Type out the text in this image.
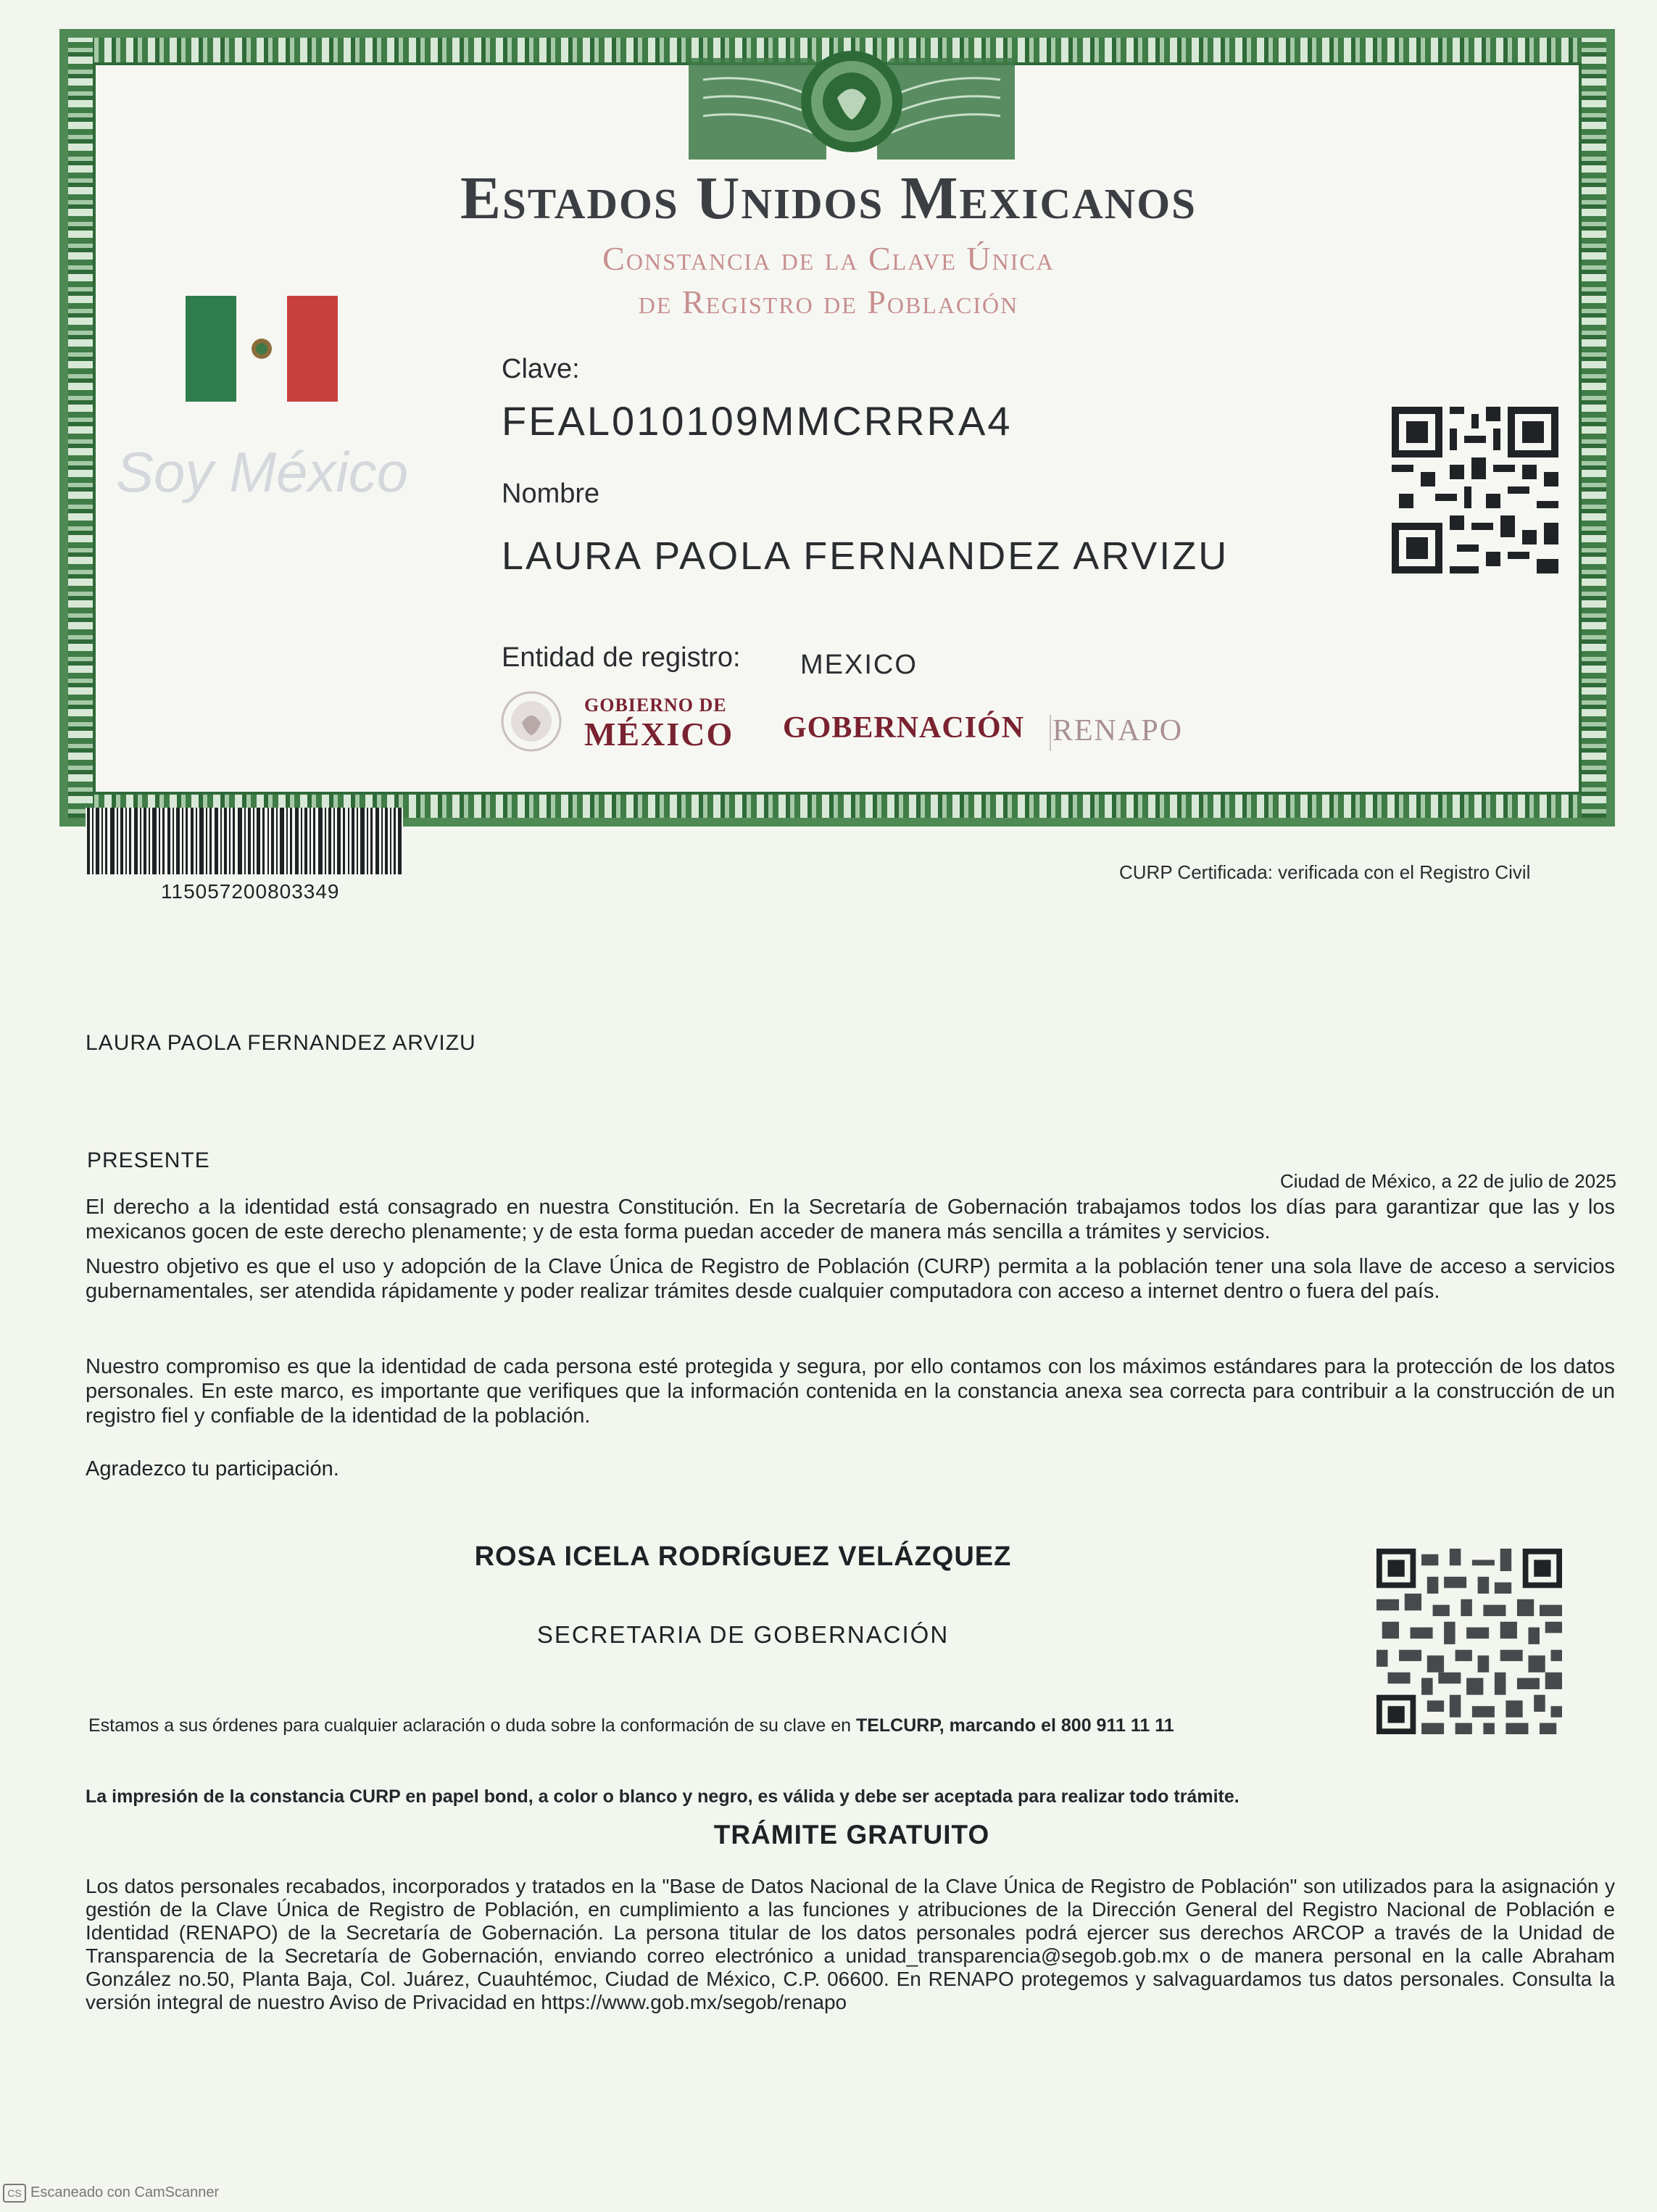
Estados Unidos Mexicanos
Constancia de la Clave Única
de Registro de Población
Soy México
Clave:
FEAL010109MMCRRRA4
Nombre
LAURA PAOLA FERNANDEZ ARVIZU
Entidad de registro: MEXICO
GOBIERNO DE
MÉXICO GOBERNACIÓN RENAPO
115057200803349
CURP Certificada: verificada con el Registro Civil
LAURA PAOLA FERNANDEZ ARVIZU
PRESENTE
Ciudad de México, a 22 de julio de 2025
El derecho a la identidad está consagrado en nuestra Constitución. En la Secretaría de Gobernación trabajamos todos los días para garantizar que las y los mexicanos gocen de este derecho plenamente; y de esta forma puedan acceder de manera más sencilla a trámites y servicios.
Nuestro objetivo es que el uso y adopción de la Clave Única de Registro de Población (CURP) permita a la población tener una sola llave de acceso a servicios gubernamentales, ser atendida rápidamente y poder realizar trámites desde cualquier computadora con acceso a internet dentro o fuera del país.
Nuestro compromiso es que la identidad de cada persona esté protegida y segura, por ello contamos con los máximos estándares para la protección de los datos personales. En este marco, es importante que verifiques que la información contenida en la constancia anexa sea correcta para contribuir a la construcción de un registro fiel y confiable de la identidad de la población.
Agradezco tu participación.
ROSA ICELA RODRÍGUEZ VELÁZQUEZ
SECRETARIA DE GOBERNACIÓN
Estamos a sus órdenes para cualquier aclaración o duda sobre la conformación de su clave en TELCURP, marcando el 800 911 11 11
La impresión de la constancia CURP en papel bond, a color o blanco y negro, es válida y debe ser aceptada para realizar todo trámite.
TRÁMITE GRATUITO
Los datos personales recabados, incorporados y tratados en la "Base de Datos Nacional de la Clave Única de Registro de Población" son utilizados para la asignación y gestión de la Clave Única de Registro de Población, en cumplimiento a las funciones y atribuciones de la Dirección General del Registro Nacional de Población e Identidad (RENAPO) de la Secretaría de Gobernación. La persona titular de los datos personales podrá ejercer sus derechos ARCOP a través de la Unidad de Transparencia de la Secretaría de Gobernación, enviando correo electrónico a unidad_transparencia@segob.gob.mx o de manera personal en la calle Abraham González no.50, Planta Baja, Col. Juárez, Cuauhtémoc, Ciudad de México, C.P. 06600. En RENAPO protegemos y salvaguardamos tus datos personales. Consulta la versión integral de nuestro Aviso de Privacidad en https://www.gob.mx/segob/renapo
CS Escaneado con CamScanner
